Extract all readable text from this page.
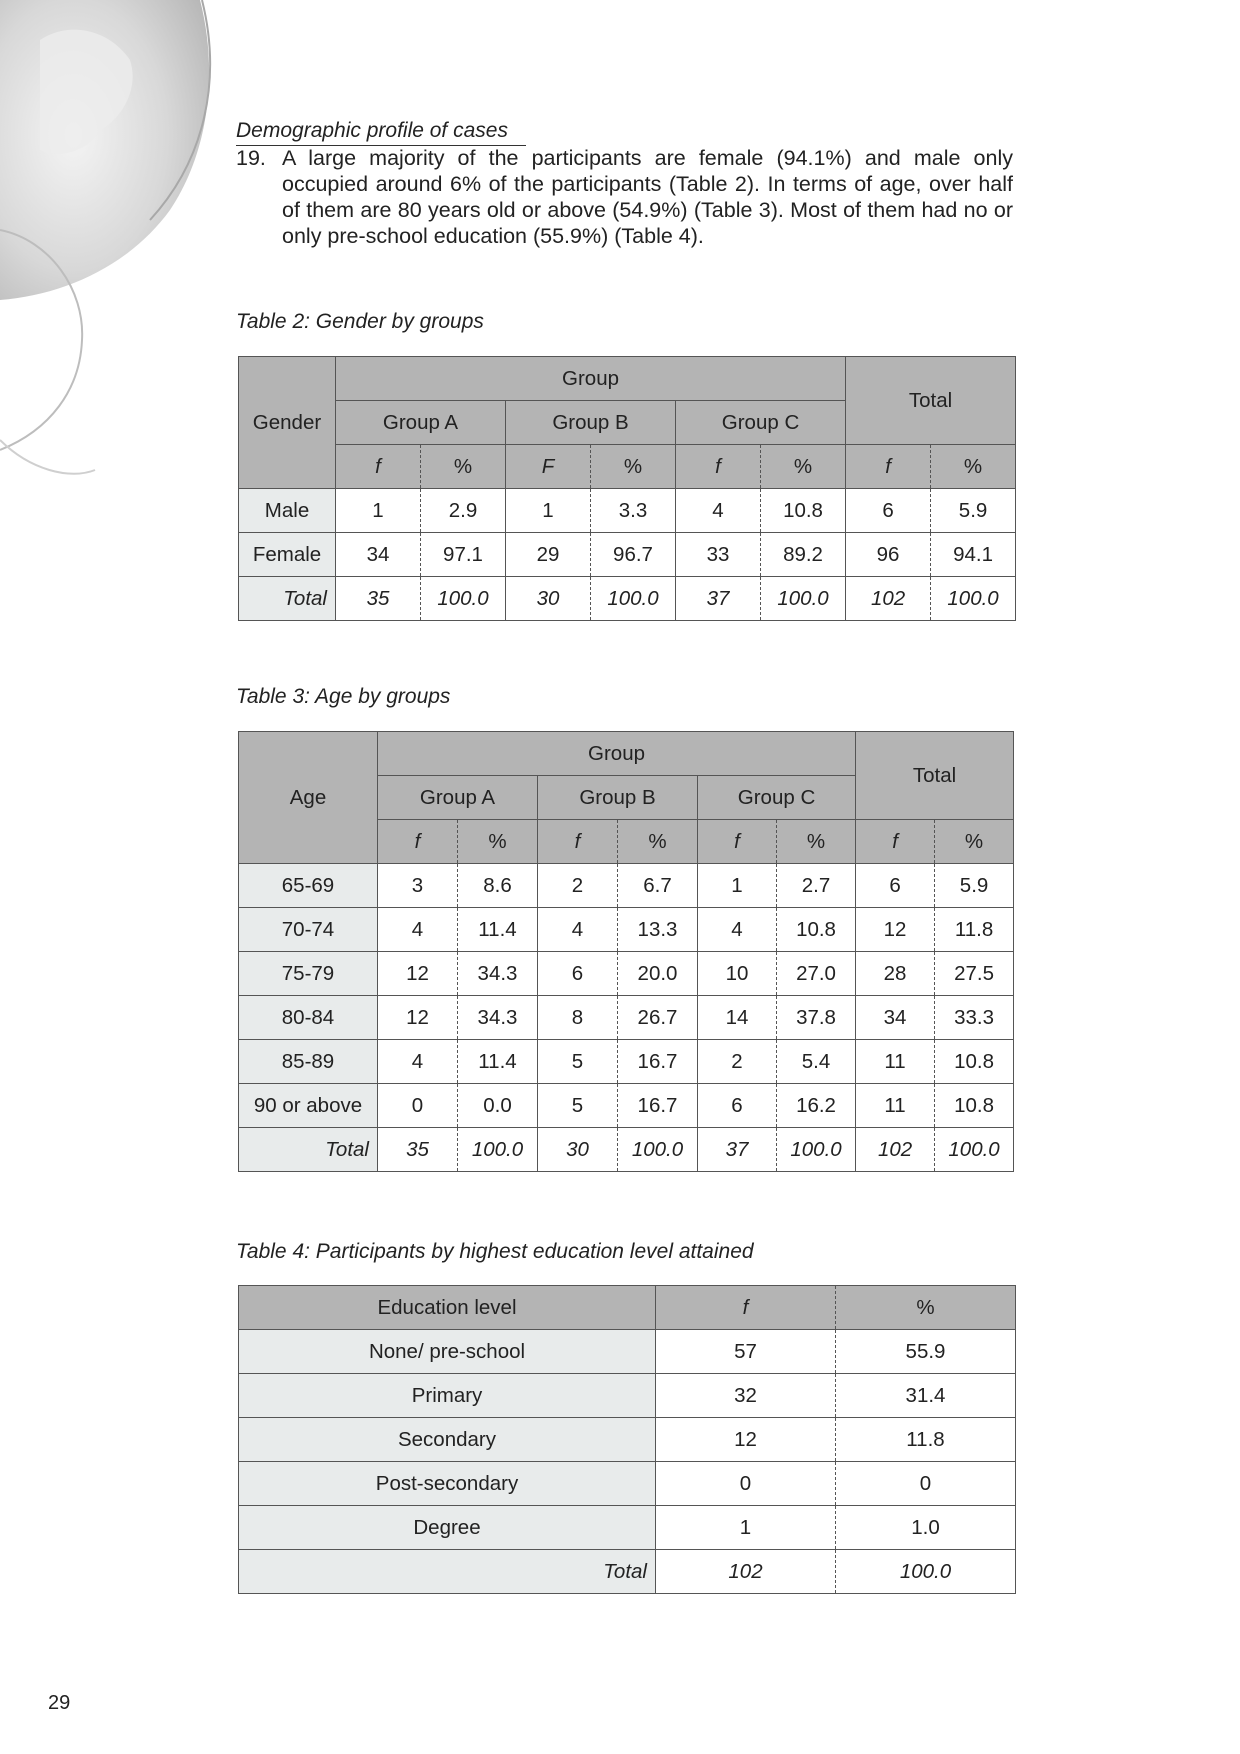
Demographic profile of cases
19. A large majority of the participants are female (94.1%) and male only occupied around 6% of the participants (Table 2). In terms of age, over half of them are 80 years old or above (54.9%) (Table 3). Most of them had no or only pre-school education (55.9%) (Table 4).
Table 2: Gender by groups
Gender	Group						Total	
	Group A		Group B		Group C			
	f	%	F	%	f	%	f	%
Male	1	2.9	1	3.3	4	10.8	6	5.9
Female	34	97.1	29	96.7	33	89.2	96	94.1
Total	35	100.0	30	100.0	37	100.0	102	100.0
Table 3: Age by groups
Age	Group						Total	
	Group A		Group B		Group C			
	f	%	f	%	f	%	f	%
65-69	3	8.6	2	6.7	1	2.7	6	5.9
70-74	4	11.4	4	13.3	4	10.8	12	11.8
75-79	12	34.3	6	20.0	10	27.0	28	27.5
80-84	12	34.3	8	26.7	14	37.8	34	33.3
85-89	4	11.4	5	16.7	2	5.4	11	10.8
90 or above	0	0.0	5	16.7	6	16.2	11	10.8
Total	35	100.0	30	100.0	37	100.0	102	100.0
Table 4: Participants by highest education level attained
Education level	f	%
None/ pre-school	57	55.9
Primary	32	31.4
Secondary	12	11.8
Post-secondary	0	0
Degree	1	1.0
Total	102	100.0
29
